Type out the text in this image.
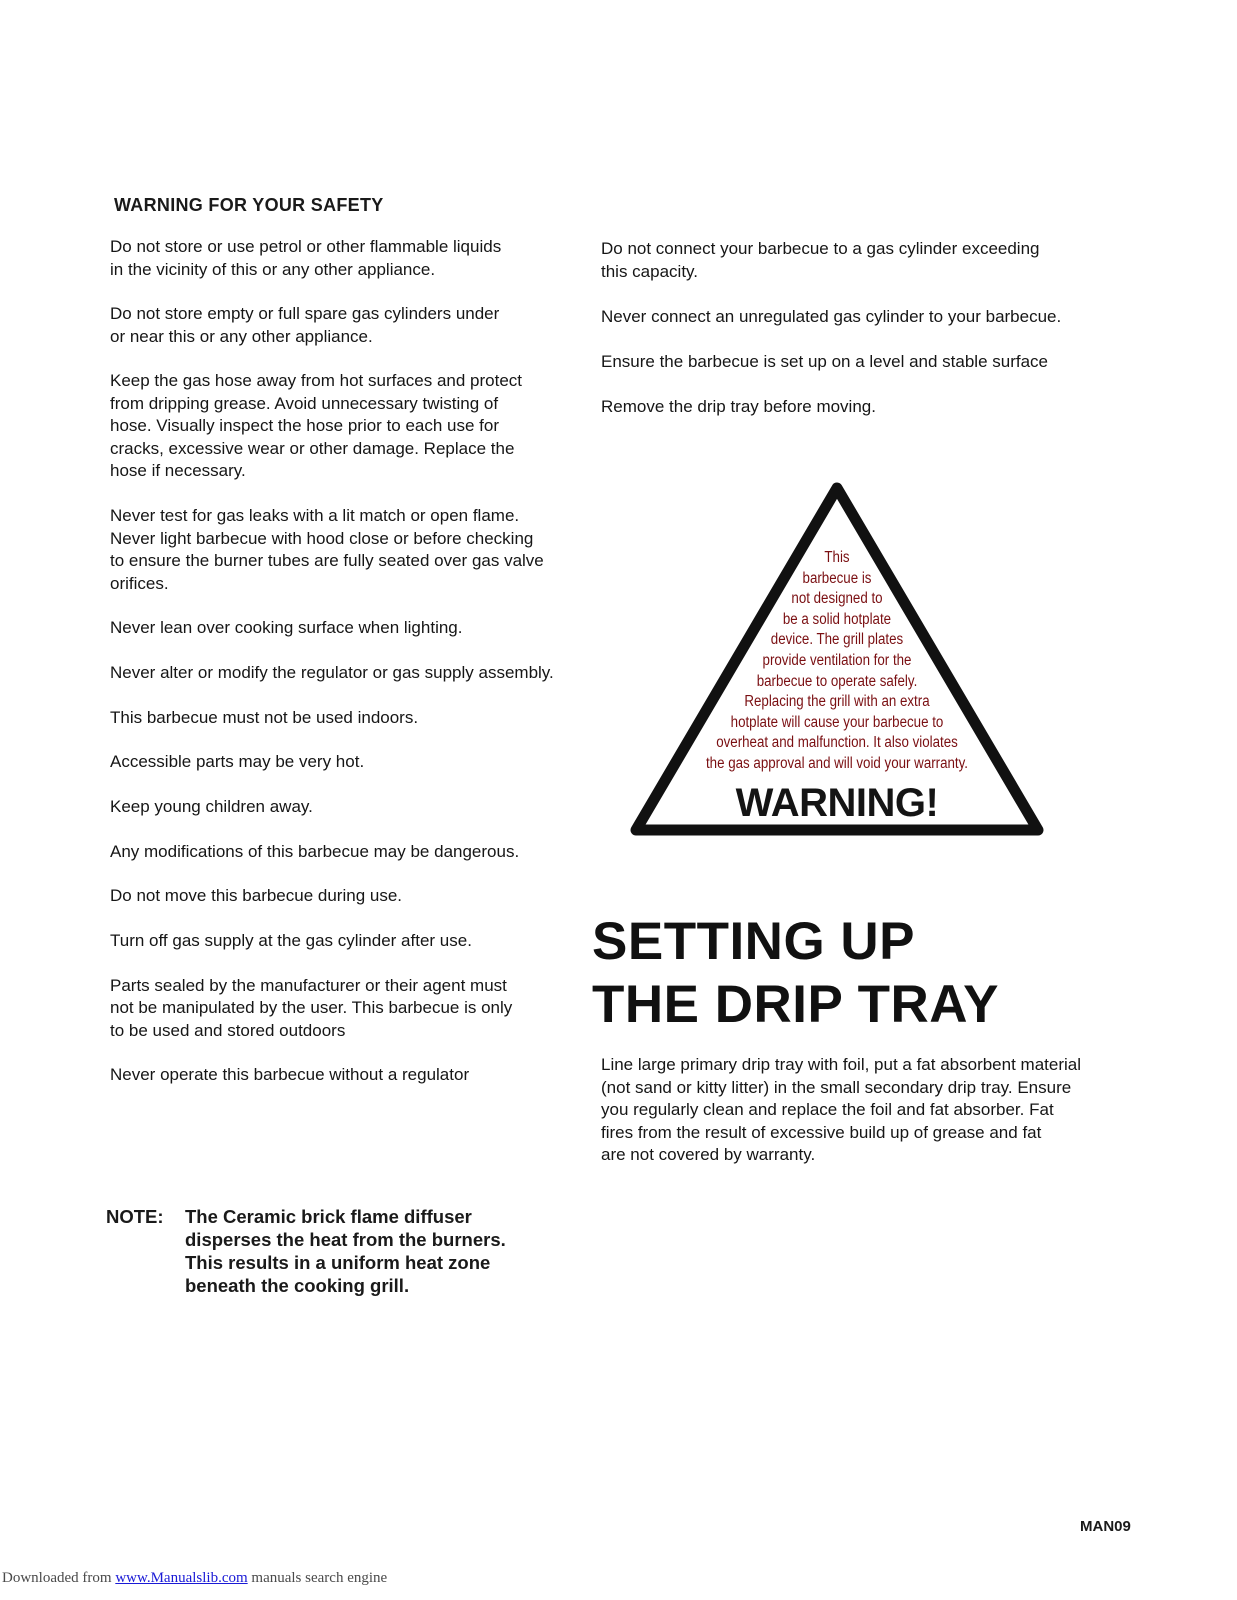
WARNING FOR YOUR SAFETY

Do not store or use petrol or other flammable liquids
in the vicinity of this or any other appliance.

Do not store empty or full spare gas cylinders under
or near this or any other appliance.

Keep the gas hose away from hot surfaces and protect
from dripping grease. Avoid unnecessary twisting of
hose. Visually inspect the hose prior to each use for
cracks, excessive wear or other damage. Replace the
hose if necessary.

Never test for gas leaks with a lit match or open flame.
Never light barbecue with hood close or before checking
to ensure the burner tubes are fully seated over gas valve
orifices.

Never lean over cooking surface when lighting.

Never alter or modify the regulator or gas supply assembly.

This barbecue must not be used indoors.

Accessible parts may be very hot.

Keep young children away.

Any modifications of this barbecue may be dangerous.

Do not move this barbecue during use.

Turn off gas supply at the gas cylinder after use.

Parts sealed by the manufacturer or their agent must
not be manipulated by the user. This barbecue is only
to be used and stored outdoors

Never operate this barbecue without a regulator

Do not connect your barbecue to a gas cylinder exceeding
this capacity.

Never connect an unregulated gas cylinder to your barbecue.

Ensure the barbecue is set up on a level and stable surface

Remove the drip tray before moving.

This
barbecue is
not designed to
be a solid hotplate
device. The grill plates
provide ventilation for the
barbecue to operate safely.
Replacing the grill with an extra
hotplate will cause your barbecue to
overheat and malfunction. It also violates
the gas approval and will void your warranty.
WARNING!
SETTING UP
THE DRIP TRAY
Line large primary drip tray with foil, put a fat absorbent material
(not sand or kitty litter) in the small secondary drip tray. Ensure
you regularly clean and replace the foil and fat absorber. Fat
fires from the result of excessive build up of grease and fat
are not covered by warranty.
NOTE:	The Ceramic brick flame diffuser
disperses the heat from the burners.
This results in a uniform heat zone
beneath the cooking grill.
MAN09
Downloaded from www.Manualslib.com manuals search engine
